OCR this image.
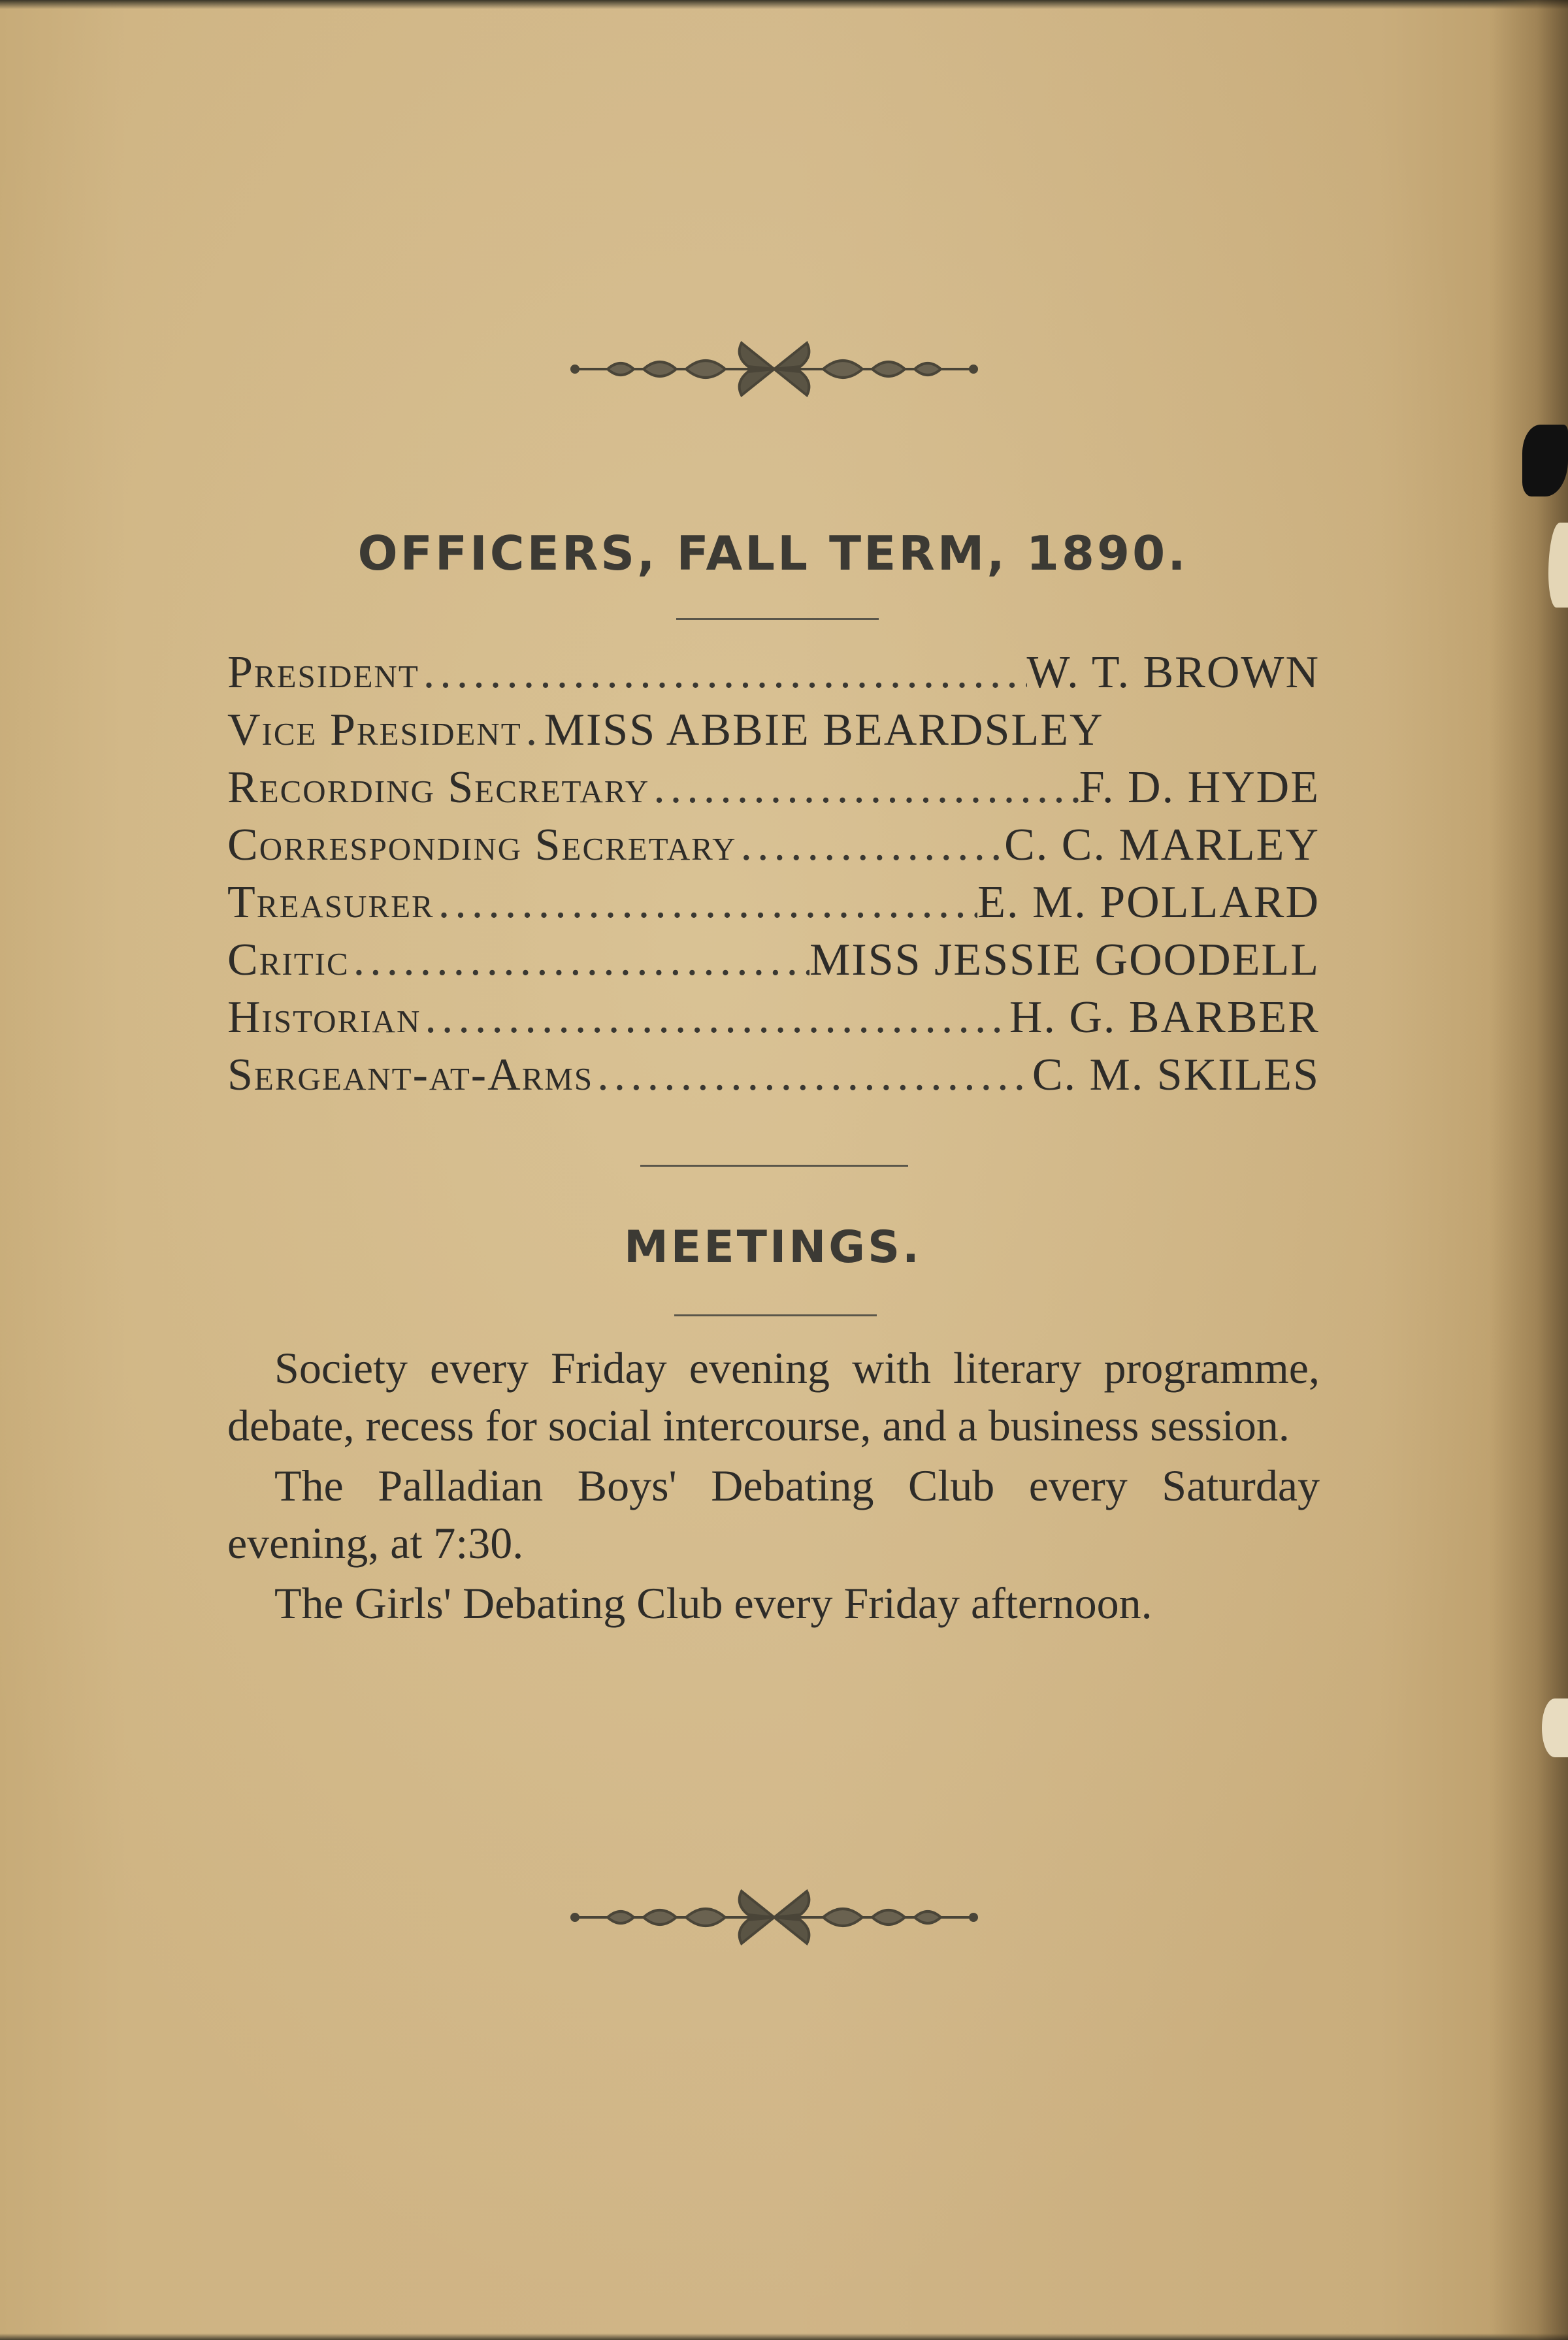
OFFICERS, FALL TERM, 1890.
President .....	W. T. BROWN
Vice President ..... MISS ABBIE BEARDSLEY
Recording Secretary .....	F. D. HYDE
Corresponding Secretary .....	C. C. MARLEY
Treasurer .....	E. M. POLLARD
Critic .....	MISS JESSIE GOODELL
Historian .....	H. G. BARBER
Sergeant-at-Arms .....	C. M. SKILES
MEETINGS.

Society every Friday evening with literary programme, debate, recess for social intercourse, and a business session.

The Palladian Boys' Debating Club every Saturday evening, at 7:30.

The Girls' Debating Club every Friday afternoon.
